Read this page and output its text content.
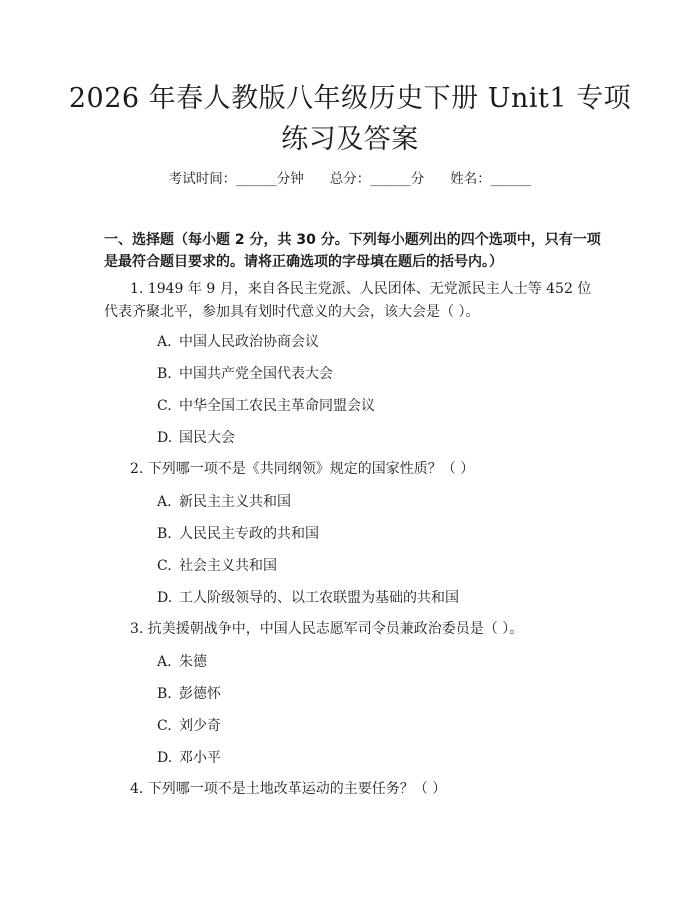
2026 年春人教版八年级历史下册 Unit1 专项
练习及答案
考试时间：______分钟 总分：______分 姓名：______
一、选择题（每小题 2 分，共 30 分。下列每小题列出的四个选项中，只有一项是最符合题目要求的。请将正确选项的字母填在题后的括号内。）
1. 1949 年 9 月，来自各民主党派、人民团体、无党派民主人士等 452 位代表齐聚北平，参加具有划时代意义的大会，该大会是（ ）。
A. 中国人民政治协商会议
B. 中国共产党全国代表大会
C. 中华全国工农民主革命同盟会议
D. 国民大会
2. 下列哪一项不是《共同纲领》规定的国家性质？（ ）
A. 新民主主义共和国
B. 人民民主专政的共和国
C. 社会主义共和国
D. 工人阶级领导的、以工农联盟为基础的共和国
3. 抗美援朝战争中，中国人民志愿军司令员兼政治委员是（ ）。
A. 朱德
B. 彭德怀
C. 刘少奇
D. 邓小平
4. 下列哪一项不是土地改革运动的主要任务？（ ）
